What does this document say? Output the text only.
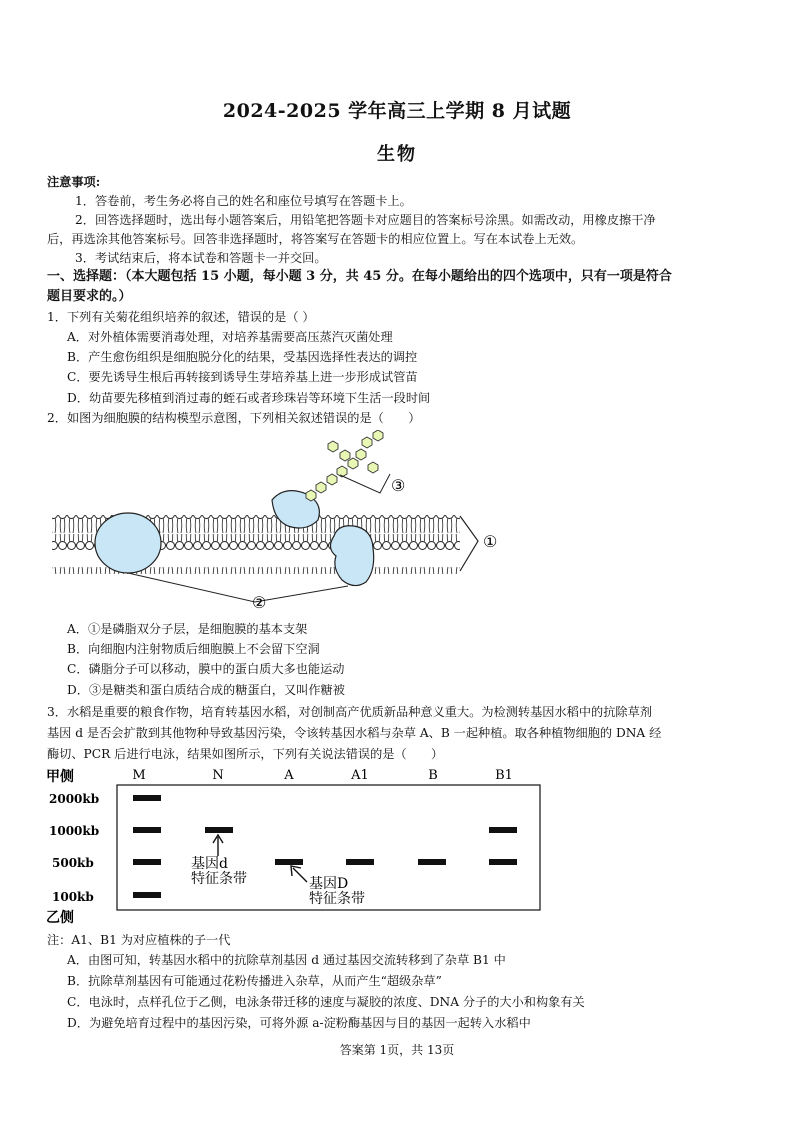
2024-2025 学年高三上学期 8 月试题
生物
注意事项:
1．答卷前，考生务必将自己的姓名和座位号填写在答题卡上。
2．回答选择题时，选出每小题答案后，用铅笔把答题卡对应题目的答案标号涂黑。如需改动，用橡皮擦干净
后，再选涂其他答案标号。回答非选择题时，将答案写在答题卡的相应位置上。写在本试卷上无效。
3．考试结束后，将本试卷和答题卡一并交回。
一、选择题：（本大题包括 15 小题，每小题 3 分，共 45 分。在每小题给出的四个选项中，只有一项是符合
题目要求的。）
1．下列有关菊花组织培养的叙述，错误的是（ ）
A．对外植体需要消毒处理，对培养基需要高压蒸汽灭菌处理
B．产生愈伤组织是细胞脱分化的结果，受基因选择性表达的调控
C．要先诱导生根后再转接到诱导生芽培养基上进一步形成试管苗
D．幼苗要先移植到消过毒的蛭石或者珍珠岩等环境下生活一段时间
2．如图为细胞膜的结构模型示意图，下列相关叙述错误的是（　　）
①
③
②
A．①是磷脂双分子层，是细胞膜的基本支架
B．向细胞内注射物质后细胞膜上不会留下空洞
C．磷脂分子可以移动，膜中的蛋白质大多也能运动
D．③是糖类和蛋白质结合成的糖蛋白，又叫作糖被
3．水稻是重要的粮食作物，培育转基因水稻，对创制高产优质新品种意义重大。为检测转基因水稻中的抗除草剂
基因 d 是否会扩散到其他物种导致基因污染，令该转基因水稻与杂草 A、B 一起种植。取各种植物细胞的 DNA 经
酶切、PCR 后进行电泳，结果如图所示，下列有关说法错误的是（　　）
甲侧
乙侧
M	N	A	A1	B	B1
2000kb
1000kb
500kb
100kb
基因d
特征条带	基因D
特征条带
注：A1、B1 为对应植株的子一代
A．由图可知，转基因水稻中的抗除草剂基因 d 通过基因交流转移到了杂草 B1 中
B．抗除草剂基因有可能通过花粉传播进入杂草，从而产生“超级杂草”
C．电泳时，点样孔位于乙侧，电泳条带迁移的速度与凝胶的浓度、DNA 分子的大小和构象有关
D．为避免培育过程中的基因污染，可将外源 a-淀粉酶基因与目的基因一起转入水稻中
答案第 1页，共 13页
